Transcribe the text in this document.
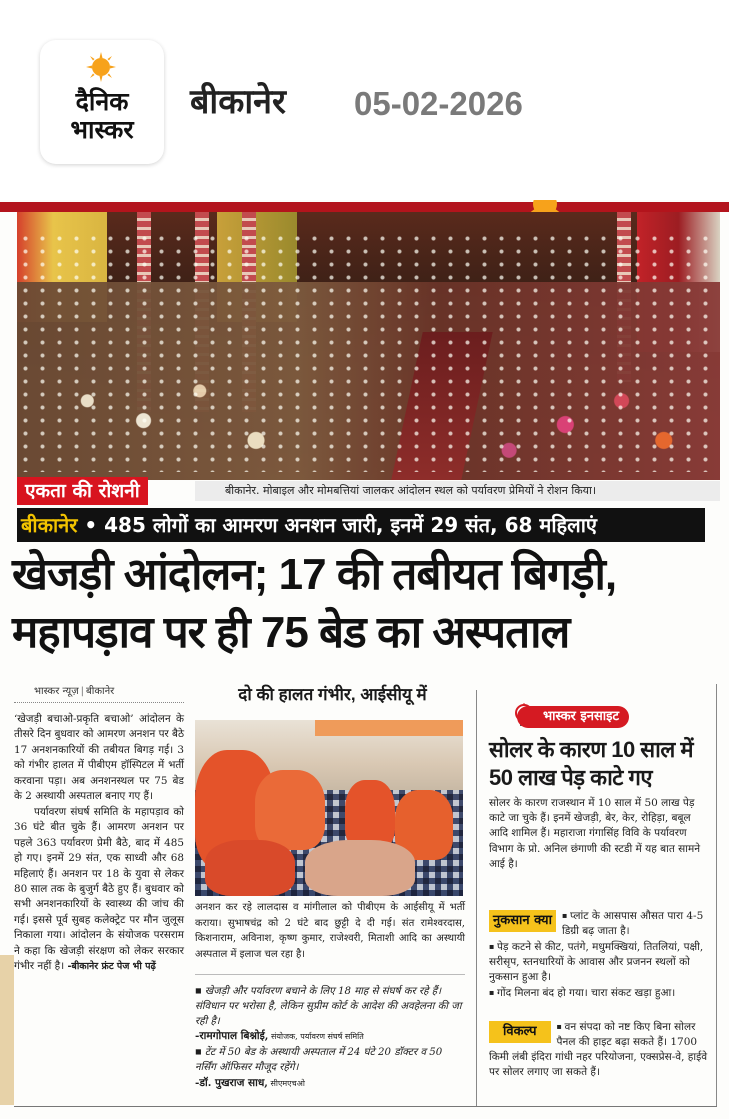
दैनिक
भास्कर
बीकानेर 05-02-2026
एकता की रोशनी	बीकानेर. मोबाइल और मोमबत्तियां जालकर आंदोलन स्थल को पर्यावरण प्रेमियों ने रोशन किया।
बीकानेर • 485 लोगों का आमरण अनशन जारी, इनमें 29 संत, 68 महिलाएं
खेजड़ी आंदोलन; 17 की तबीयत बिगड़ी,
महापड़ाव पर ही 75 बेड का अस्पताल
भास्कर न्यूज़ | बीकानेर

‘खेजड़ी बचाओ-प्रकृति बचाओ’ आंदोलन के तीसरे दिन बुधवार को आमरण अनशन पर बैठे 17 अनशनकारियों की तबीयत बिगड़ गई। 3 को गंभीर हालत में पीबीएम हॉस्पिटल में भर्ती करवाना पड़ा। अब अनशनस्थल पर 75 बेड के 2 अस्थायी अस्पताल बनाए गए हैं।

पर्यावरण संघर्ष समिति के महापड़ाव को 36 घंटे बीत चुके हैं। आमरण अनशन पर पहले 363 पर्यावरण प्रेमी बैठे, बाद में 485 हो गए। इनमें 29 संत, एक साध्वी और 68 महिलाएं हैं। अनशन पर 18 के युवा से लेकर 80 साल तक के बुजुर्ग बैठे हुए हैं। बुधवार को सभी अनशनकारियों के स्वास्थ्य की जांच की गई। इससे पूर्व सुबह कलेक्ट्रेट पर मौन जुलूस निकाला गया। आंदोलन के संयोजक परसराम ने कहा कि खेजड़ी संरक्षण को लेकर सरकार गंभीर नहीं है। -बीकानेर फ्रंट पेज भी पढ़ें

दो की हालत गंभीर, आईसीयू में
अनशन कर रहे लालदास व मांगीलाल को पीबीएम के आईसीयू में भर्ती कराया। सुभाषचंद्र को 2 घंटे बाद छुट्टी दे दी गई। संत रामेश्वरदास, किशनाराम, अविनाश, कृष्ण कुमार, राजेश्वरी, मिताशी आदि का अस्थायी अस्पताल में इलाज चल रहा है।
◼ खेजड़ी और पर्यावरण बचाने के लिए 18 माह से संघर्ष कर रहे हैं। संविधान पर भरोसा है, लेकिन सुप्रीम कोर्ट के आदेश की अवहेलना की जा रही है।
-रामगोपाल बिश्नोई, संयोजक, पर्यावरण संघर्ष समिति
◼ टेंट में 50 बेड के अस्थायी अस्पताल में 24 घंटे 20 डॉक्टर व 50 नर्सिंग ऑफिसर मौजूद रहेंगे।
-डॉ. पुखराज साध, सीएमएचओ
भास्कर इनसाइट
सोलर के कारण 10 साल में 50 लाख पेड़ काटे गए
सोलर के कारण राजस्थान में 10 साल में 50 लाख पेड़ काटे जा चुके हैं। इनमें खेजड़ी, बेर, केर, रोहिड़ा, बबूल आदि शामिल हैं। महाराजा गंगासिंह विवि के पर्यावरण विभाग के प्रो. अनिल छंगाणी की स्टडी में यह बात सामने आई है।
नुकसान क्या	▪ प्लांट के आसपास औसत पारा 4-5 डिग्री बढ़ जाता है।
▪ पेड़ कटने से कीट, पतंगे, मधुमक्खियां, तितलियां, पक्षी, सरीसृप, स्तनधारियों के आवास और प्रजनन स्थलों को नुकसान हुआ है।
▪ गोंद मिलना बंद हो गया। चारा संकट खड़ा हुआ।
विकल्प	▪ वन संपदा को नष्ट किए बिना सोलर पैनल की हाइट बढ़ा सकते हैं। 1700 किमी लंबी इंदिरा गांधी नहर परियोजना, एक्सप्रेस-वे, हाईवे पर सोलर लगाए जा सकते हैं।
